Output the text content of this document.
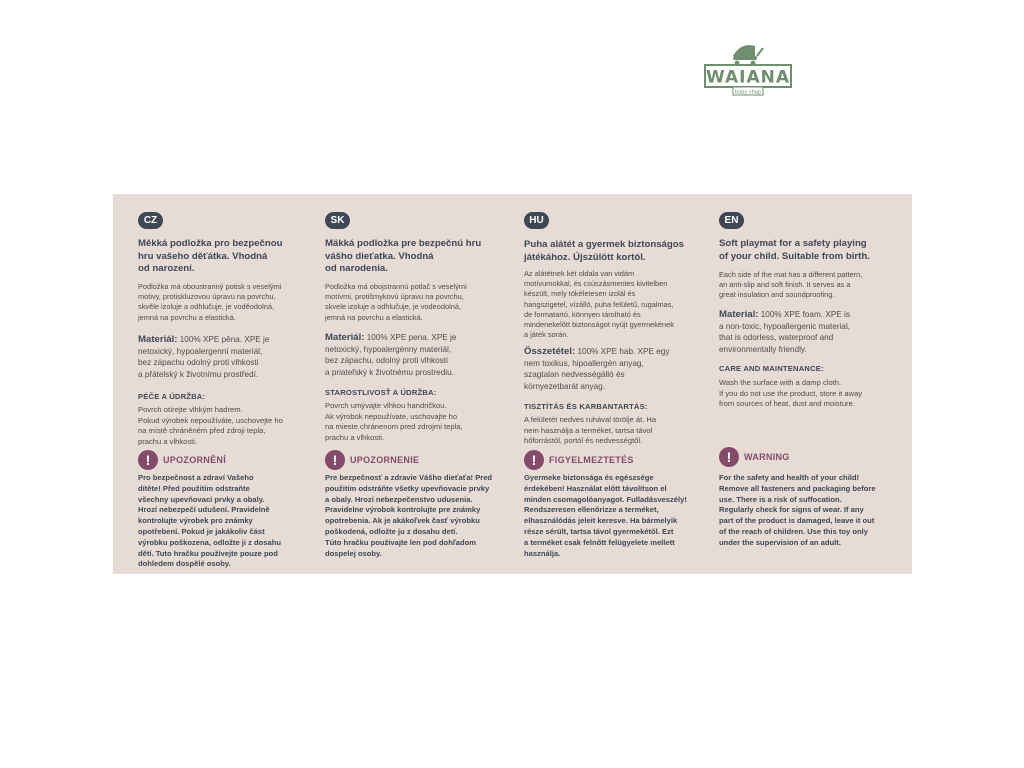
WAIANA
baby shop
CZ
Měkká podložka pro bezpečnou
hru vašeho děťátka. Vhodná
od narození.
Podložka má oboustranný potisk s veselými
motivy, protiskluzovou úpravu na povrchu,
skvěle izoluje a odhlučuje, je voděodolná,
jemná na povrchu a elastická.
Materiál: 100% XPE pěna. XPE je
netoxický, hypoalergenní materiál,
bez zápachu odolný proti vlhkosti
a přátelský k životnímu prostředí.
PÉČE A ÚDRŽBA:
Povrch otírejte vlhkým hadrem.
Pokud výrobek nepoužíváte, uschovejte ho
na místě chráněném před zdroji tepla,
prachu a vlhkosti.
!	UPOZORNĚNÍ
Pro bezpečnost a zdraví Vašeho
dítěte! Před použitím odstraňte
všechny upevňovací prvky a obaly.
Hrozí nebezpečí udušení. Pravidelně
kontrolujte výrobek pro známky
opotřebení. Pokud je jakákoliv část
výrobku poškozena, odložte ji z dosahu
dětí. Tuto hračku používejte pouze pod
dohledem dospělé osoby.
SK
Mäkká podložka pre bezpečnú hru
vášho dieťatka. Vhodná
od narodenia.
Podložka má obojstrannú potlač s veselými
motívmi, protišmykovú úpravu na povrchu,
skvele izoluje a odhlučuje, je vodeodolná,
jemná na povrchu a elastická.
Materiál: 100% XPE pena. XPE je
netoxický, hypoalergénny materiál,
bez zápachu, odolný proti vlhkosti
a priateľský k životnému prostrediu.
STAROSTLIVOSŤ A ÚDRŽBA:
Povrch umývajte vlhkou handričkou.
Ak výrobok nepoužívate, uschovajte ho
na mieste chránenom pred zdrojmi tepla,
prachu a vlhkosti.
!	UPOZORNENIE
Pre bezpečnosť a zdravie Vášho dieťaťa! Pred
použitím odstráňte všetky upevňovacie prvky
a obaly. Hrozí nebezpečenstvo udusenia.
Pravidelne výrobok kontrolujte pre známky
opotrebenia. Ak je akákoľvek časť výrobku
poškodená, odložte ju z dosahu detí.
Túto hračku používajte len pod dohľadom
dospelej osoby.
HU
Puha alátét a gyermek biztonságos
játékához. Újszülött kortól.
Az alátétnek két oldala van vidám
motívumokkal, és csúszásmentes kivitelben
készült, mely tökéletesen izolál és
hangszigetel, vízálló, puha felületű, rugalmas,
de formatartó, könnyen tárolható és
mindenekelőtt biztonságot nyújt gyermekének
a játék során.
Összetétel: 100% XPE hab. XPE egy
nem toxikus, hipoallergén anyag,
szagtalan nedvességálló és
környezetbarát anyag.
TISZTÍTÁS ÉS KARBANTARTÁS:
A felületét nedves ruhával törölje át. Ha
nem használja a terméket, tartsa távol
hőforrástól, portól és nedvességtől.
!	FIGYELMEZTETÉS
Gyermeke biztonsága és egészsége
érdekében! Használat előtt távolítson el
minden csomagolóanyagot. Fulladásveszély!
Rendszeresen ellenőrizze a terméket,
elhasználódás jeleit keresve. Ha bármelyik
része sérült, tartsa távol gyermekétől. Ezt
a terméket csak felnőtt felügyelete mellett
használja.
EN
Soft playmat for a safety playing
of your child. Suitable from birth.
Each side of the mat has a different pattern,
an anti-slip and soft finish. It serves as a
great insulation and soundproofing.
Material: 100% XPE foam. XPE is
a non-toxic, hypoallergenic material,
that is odorless, waterproof and
environmentally friendly.
CARE AND MAINTENANCE:
Wash the surface with a damp cloth.
If you do not use the product, store it away
from sources of heat, dust and moisture.
!	WARNING
For the safety and health of your child!
Remove all fasteners and packaging before
use. There is a risk of suffocation.
Regularly check for signs of wear. If any
part of the product is damaged, leave it out
of the reach of children. Use this toy only
under the supervision of an adult.
